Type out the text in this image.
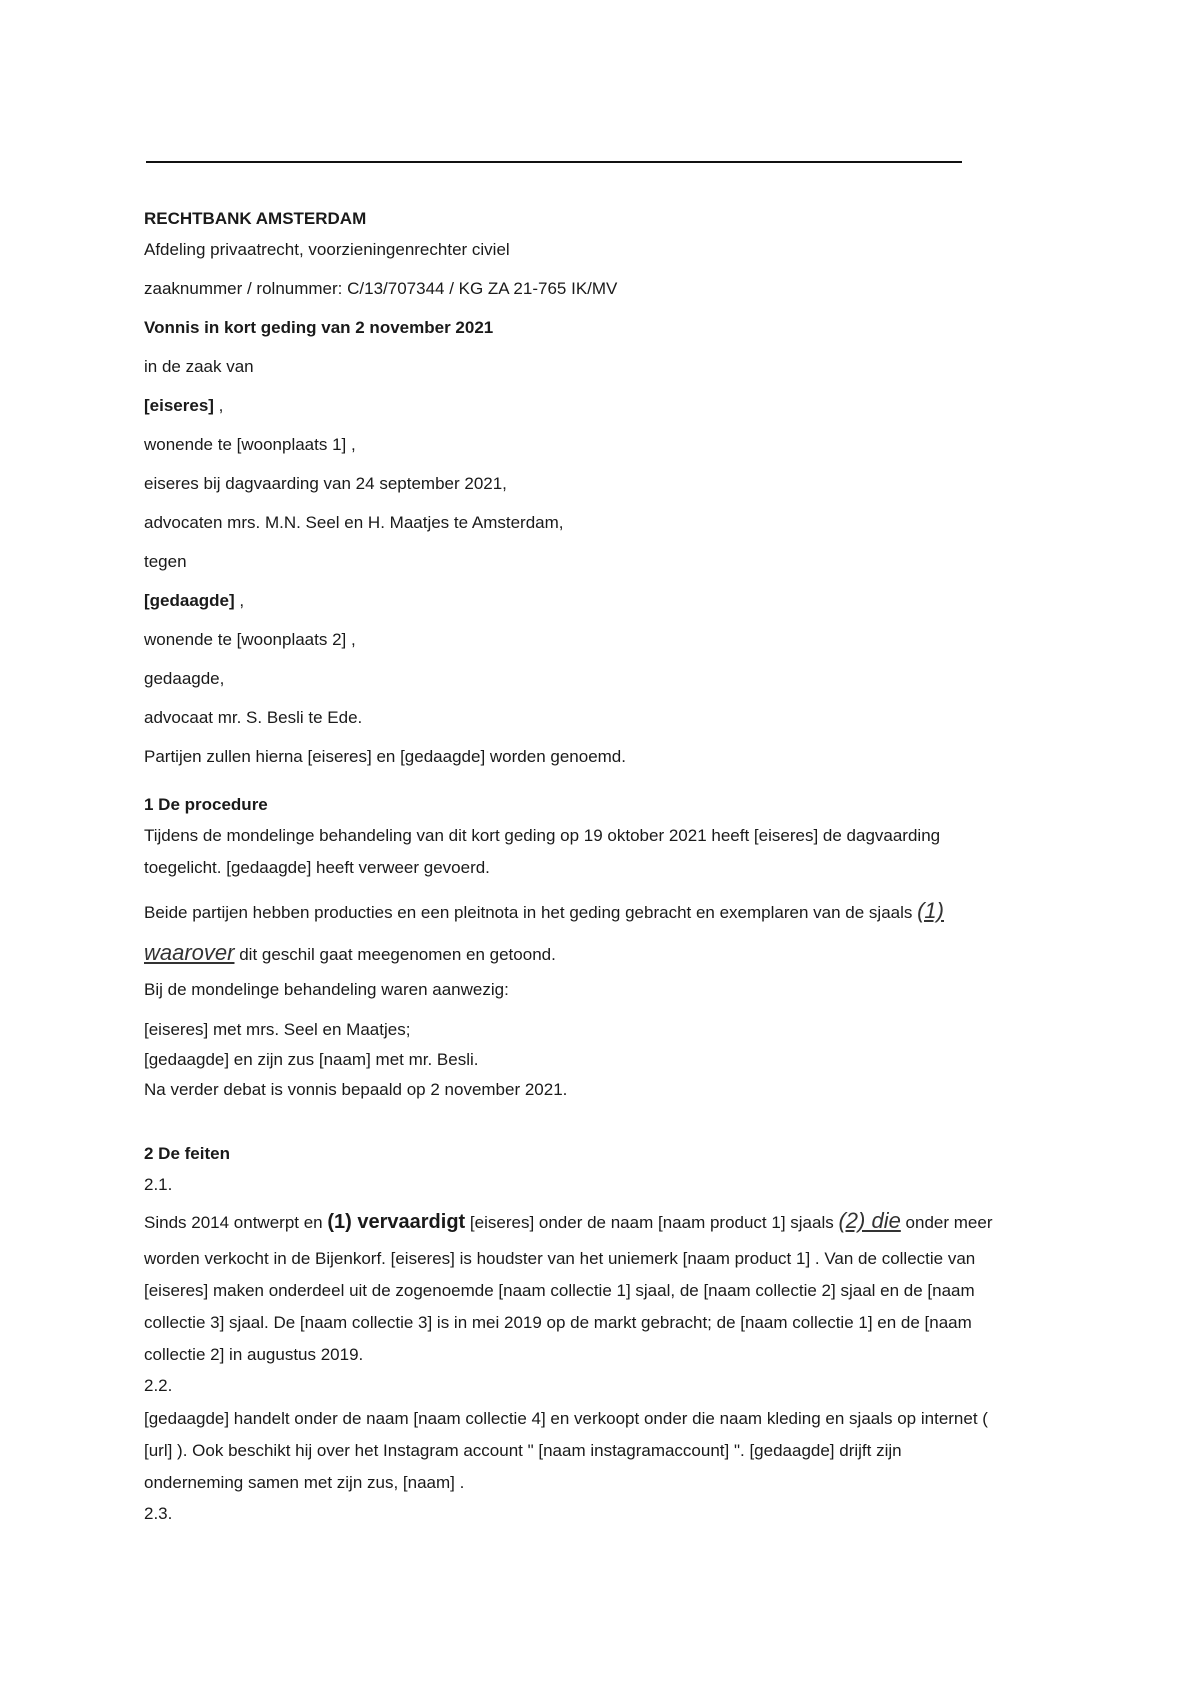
RECHTBANK AMSTERDAM
Afdeling privaatrecht, voorzieningenrechter civiel
zaaknummer / rolnummer: C/13/707344 / KG ZA 21-765 IK/MV
Vonnis in kort geding van 2 november 2021
in de zaak van
[eiseres] ,
wonende te [woonplaats 1] ,
eiseres bij dagvaarding van 24 september 2021,
advocaten mrs. M.N. Seel en H. Maatjes te Amsterdam,
tegen
[gedaagde] ,
wonende te [woonplaats 2] ,
gedaagde,
advocaat mr. S. Besli te Ede.
Partijen zullen hierna [eiseres] en [gedaagde] worden genoemd.
1 De procedure
Tijdens de mondelinge behandeling van dit kort geding op 19 oktober 2021 heeft [eiseres] de dagvaarding
toegelicht. [gedaagde] heeft verweer gevoerd.
Beide partijen hebben producties en een pleitnota in het geding gebracht en exemplaren van de sjaals (1)
waarover dit geschil gaat meegenomen en getoond.
Bij de mondelinge behandeling waren aanwezig:
[eiseres] met mrs. Seel en Maatjes;
[gedaagde] en zijn zus [naam] met mr. Besli.
Na verder debat is vonnis bepaald op 2 november 2021.
2 De feiten
2.1.
Sinds 2014 ontwerpt en (1) vervaardigt [eiseres] onder de naam [naam product 1] sjaals (2) die onder meer
worden verkocht in de Bijenkorf. [eiseres] is houdster van het uniemerk [naam product 1] . Van de collectie van
[eiseres] maken onderdeel uit de zogenoemde [naam collectie 1] sjaal, de [naam collectie 2] sjaal en de [naam
collectie 3] sjaal. De [naam collectie 3] is in mei 2019 op de markt gebracht; de [naam collectie 1] en de [naam
collectie 2] in augustus 2019.
2.2.
[gedaagde] handelt onder de naam [naam collectie 4] en verkoopt onder die naam kleding en sjaals op internet (
[url] ). Ook beschikt hij over het Instagram account " [naam instagramaccount] ". [gedaagde] drijft zijn
onderneming samen met zijn zus, [naam] .
2.3.
